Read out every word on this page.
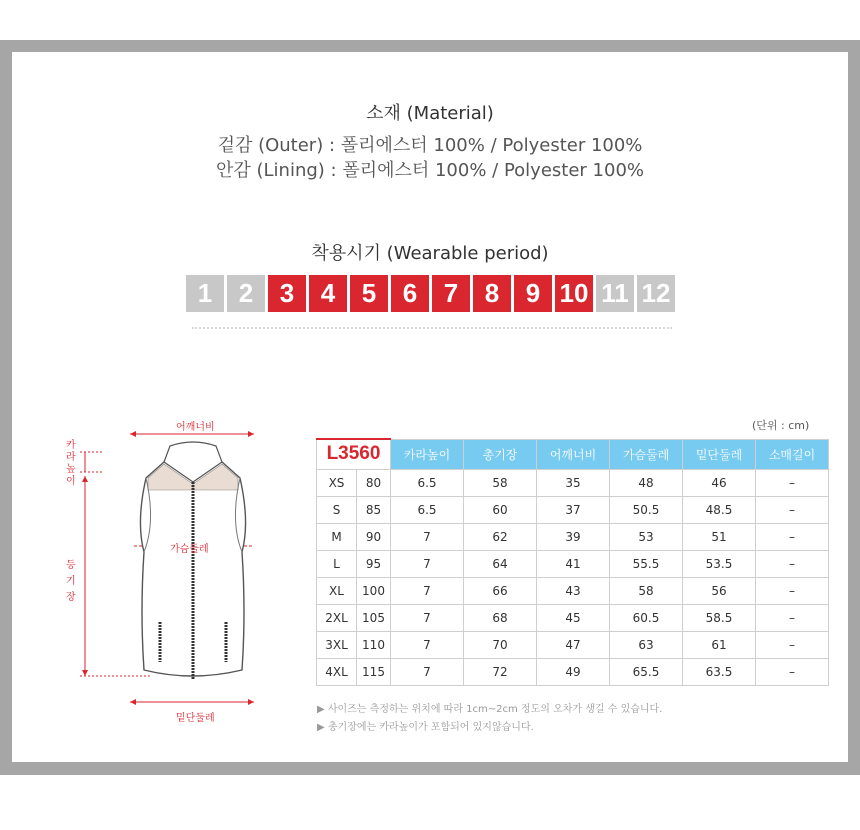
소재 (Material)
겉감 (Outer) : 폴리에스터 100% / Polyester 100%
안감 (Lining) : 폴리에스터 100% / Polyester 100%
착용시기 (Wearable period)
1	2	3	4	5	6	7	8	9 10 11 12
어깨너비
카라높이
가슴둘레
등기장
밑단둘레
(단위 : cm)
L3560		카라높이	총기장	어깨너비	가슴둘레	밑단둘레	소매길이
XS	80	6.5	58	35	48	46	–
S	85	6.5	60	37	50.5	48.5	–
M	90	7	62	39	53	51	–
L	95	7	64	41	55.5	53.5	–
XL	100	7	66	43	58	56	–
2XL	105	7	68	45	60.5	58.5	–
3XL	110	7	70	47	63	61	–
4XL	115	7	72	49	65.5	63.5	–
▶ 사이즈는 측정하는 위치에 따라 1cm~2cm 정도의 오차가 생길 수 있습니다.
▶ 총기장에는 카라높이가 포함되어 있지않습니다.
